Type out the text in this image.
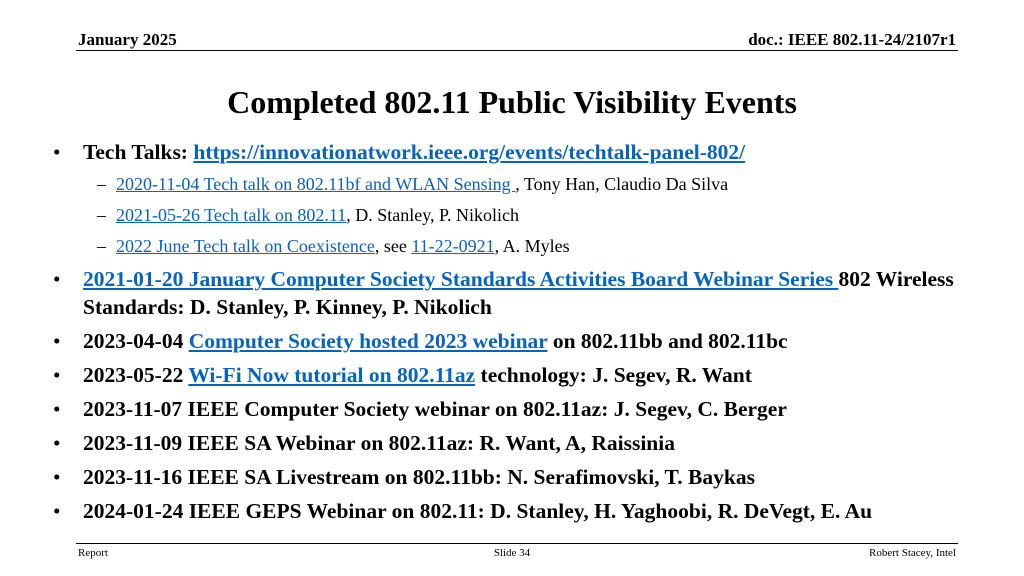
January 2025	doc.: IEEE 802.11-24/2107r1
Completed 802.11 Public Visibility Events
• Tech Talks: https://innovationatwork.ieee.org/events/techtalk-panel-802/
– 2020-11-04 Tech talk on 802.11bf and WLAN Sensing , Tony Han, Claudio Da Silva
– 2021-05-26 Tech talk on 802.11, D. Stanley, P. Nikolich
– 2022 June Tech talk on Coexistence, see 11-22-0921, A. Myles
• 2021-01-20 January Computer Society Standards Activities Board Webinar Series 802 Wireless Standards: D. Stanley, P. Kinney, P. Nikolich
• 2023-04-04 Computer Society hosted 2023 webinar on 802.11bb and 802.11bc
• 2023-05-22 Wi-Fi Now tutorial on 802.11az technology: J. Segev, R. Want
• 2023-11-07 IEEE Computer Society webinar on 802.11az: J. Segev, C. Berger
• 2023-11-09 IEEE SA Webinar on 802.11az: R. Want, A, Raissinia
• 2023-11-16 IEEE SA Livestream on 802.11bb: N. Serafimovski, T. Baykas
• 2024-01-24 IEEE GEPS Webinar on 802.11: D. Stanley, H. Yaghoobi, R. DeVegt, E. Au
Report	Slide 34	Robert Stacey, Intel
